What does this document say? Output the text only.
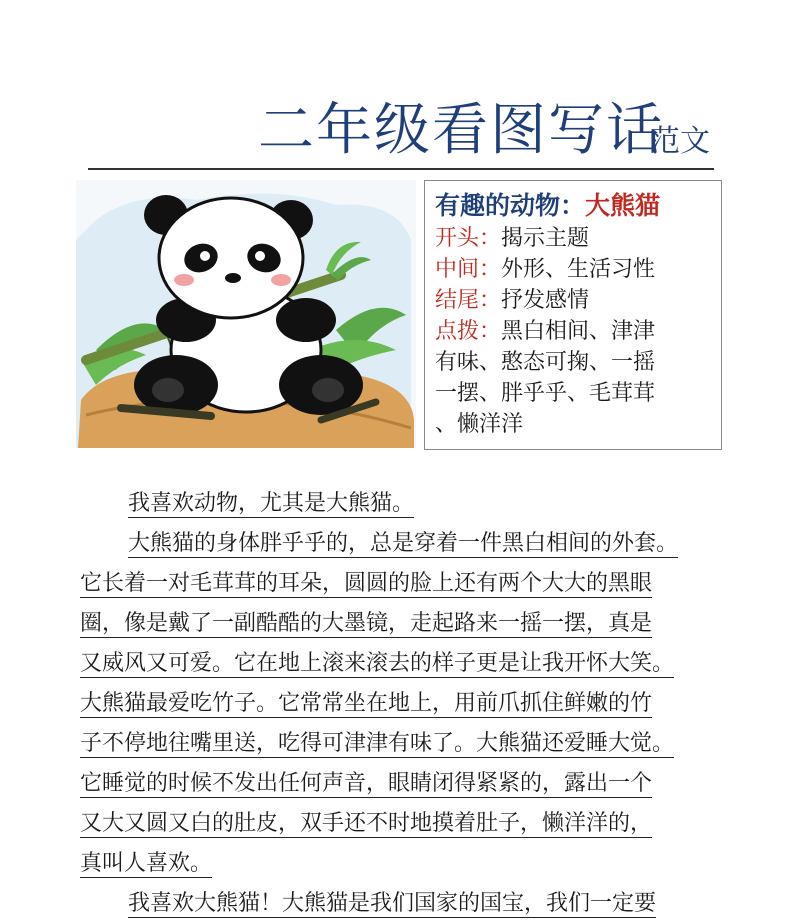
二年级看图写话
范文
有趣的动物：大熊猫
开头：揭示主题
中间：外形、生活习性
结尾：抒发感情
点拨：黑白相间、津津
有味、憨态可掬、一摇
一摆、胖乎乎、毛茸茸
、懒洋洋
我喜欢动物，尤其是大熊猫。
大熊猫的身体胖乎乎的，总是穿着一件黑白相间的外套。
它长着一对毛茸茸的耳朵，圆圆的脸上还有两个大大的黑眼
圈，像是戴了一副酷酷的大墨镜，走起路来一摇一摆，真是
又威风又可爱。它在地上滚来滚去的样子更是让我开怀大笑。
大熊猫最爱吃竹子。它常常坐在地上，用前爪抓住鲜嫩的竹
子不停地往嘴里送，吃得可津津有味了。大熊猫还爱睡大觉。
它睡觉的时候不发出任何声音，眼睛闭得紧紧的，露出一个
又大又圆又白的肚皮，双手还不时地摸着肚子，懒洋洋的，
真叫人喜欢。
我喜欢大熊猫！大熊猫是我们国家的国宝，我们一定要
